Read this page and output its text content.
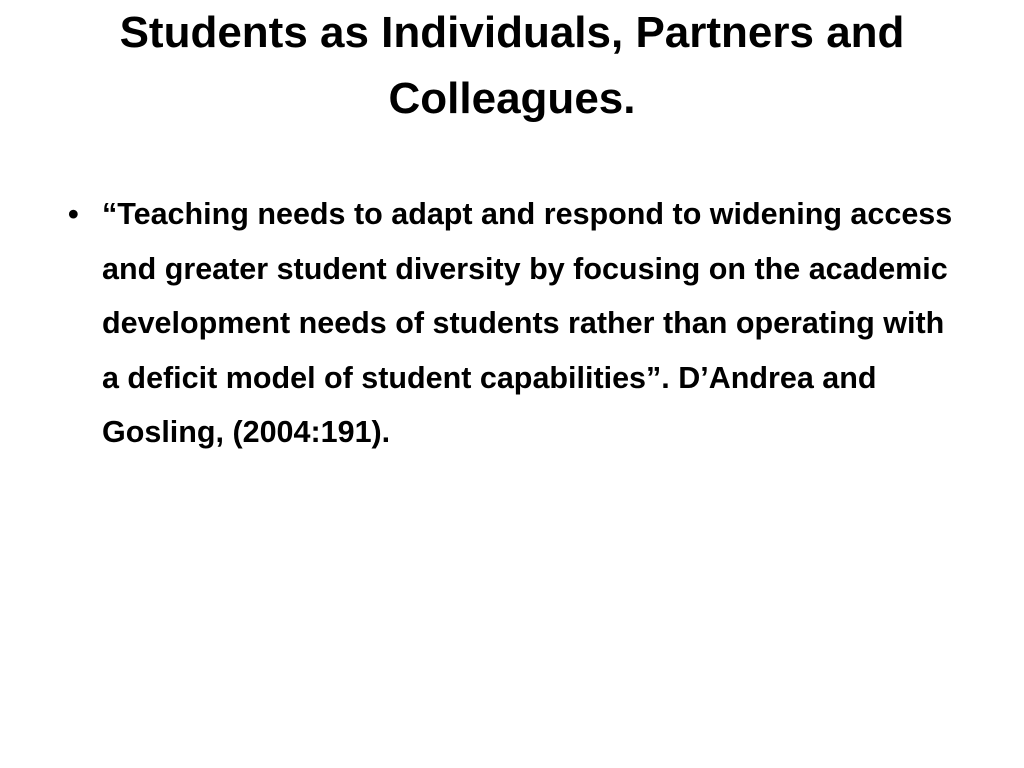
Students as Individuals, Partners and Colleagues.
• “Teaching needs to adapt and respond to widening access and greater student diversity by focusing on the academic development needs of students rather than operating with a deficit model of student capabilities”. D’Andrea and Gosling, (2004:191).
